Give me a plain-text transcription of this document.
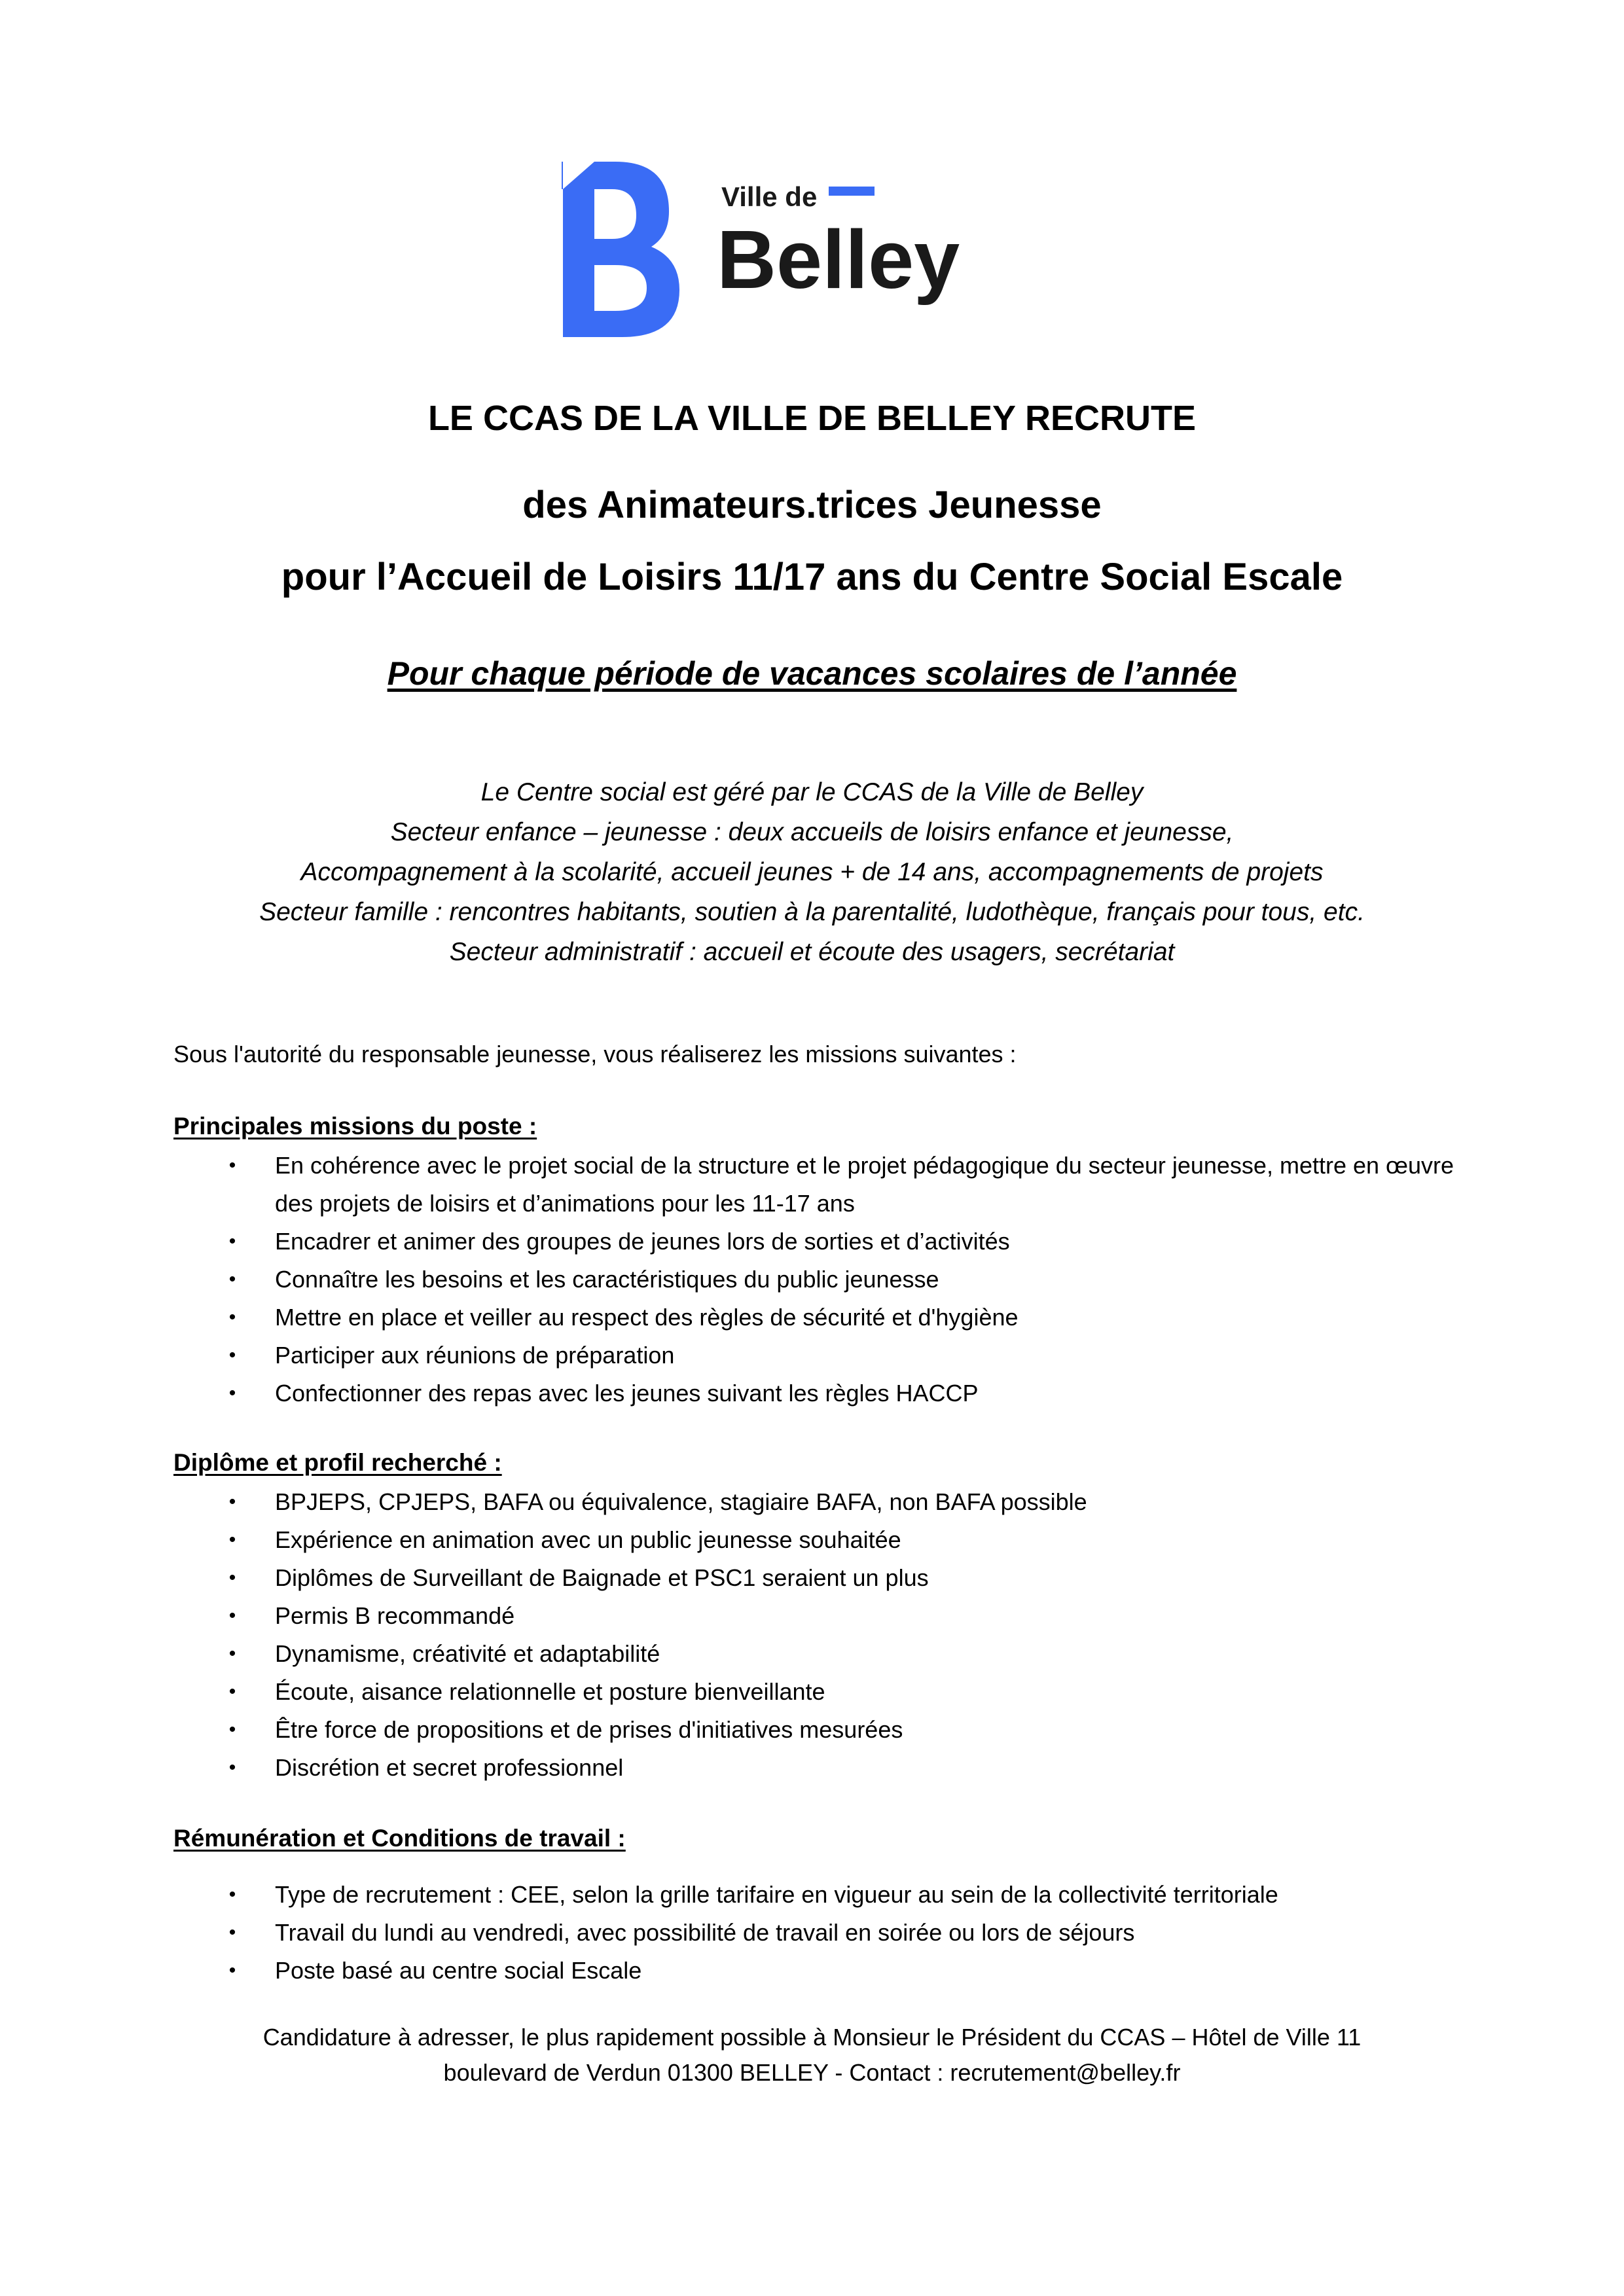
Ville de
Belley
LE CCAS DE LA VILLE DE BELLEY RECRUTE
des Animateurs.trices Jeunesse
pour l’Accueil de Loisirs 11/17 ans du Centre Social Escale
Pour chaque période de vacances scolaires de l’année
Le Centre social est géré par le CCAS de la Ville de Belley
Secteur enfance – jeunesse : deux accueils de loisirs enfance et jeunesse,
Accompagnement à la scolarité, accueil jeunes + de 14 ans, accompagnements de projets
Secteur famille : rencontres habitants, soutien à la parentalité, ludothèque, français pour tous, etc.
Secteur administratif : accueil et écoute des usagers, secrétariat
Sous l'autorité du responsable jeunesse, vous réaliserez les missions suivantes :
Principales missions du poste :
• En cohérence avec le projet social de la structure et le projet pédagogique du secteur jeunesse, mettre en œuvre des projets de loisirs et d’animations pour les 11-17 ans
• Encadrer et animer des groupes de jeunes lors de sorties et d’activités
• Connaître les besoins et les caractéristiques du public jeunesse
• Mettre en place et veiller au respect des règles de sécurité et d'hygiène
• Participer aux réunions de préparation
• Confectionner des repas avec les jeunes suivant les règles HACCP
Diplôme et profil recherché :
• BPJEPS, CPJEPS, BAFA ou équivalence, stagiaire BAFA, non BAFA possible
• Expérience en animation avec un public jeunesse souhaitée
• Diplômes de Surveillant de Baignade et PSC1 seraient un plus
• Permis B recommandé
• Dynamisme, créativité et adaptabilité
• Écoute, aisance relationnelle et posture bienveillante
• Être force de propositions et de prises d'initiatives mesurées
• Discrétion et secret professionnel
Rémunération et Conditions de travail :
• Type de recrutement : CEE, selon la grille tarifaire en vigueur au sein de la collectivité territoriale
• Travail du lundi au vendredi, avec possibilité de travail en soirée ou lors de séjours
• Poste basé au centre social Escale
Candidature à adresser, le plus rapidement possible à Monsieur le Président du CCAS – Hôtel de Ville 11
boulevard de Verdun 01300 BELLEY - Contact : recrutement@belley.fr
